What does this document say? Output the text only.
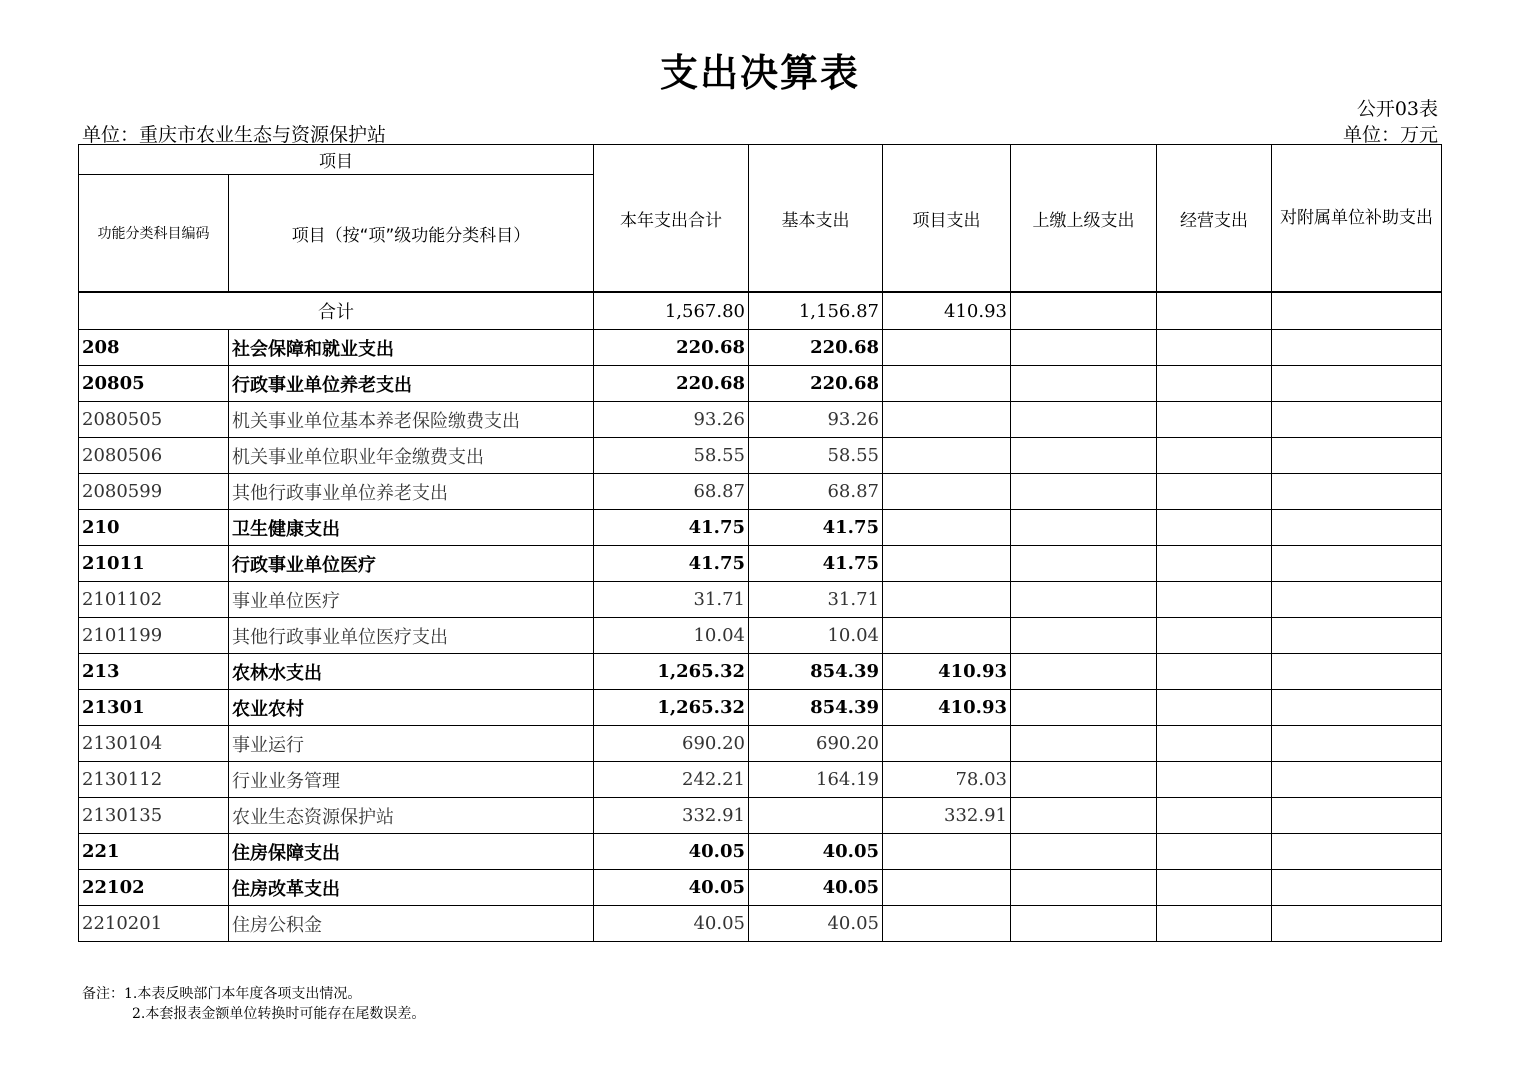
支出决算表
公开03表
单位：重庆市农业生态与资源保护站	单位：万元
项目		本年支出合计	基本支出	项目支出	上缴上级支出	经营支出	对附属单位补助支出
功能分类科目编码	项目（按“项”级功能分类科目）						
合计		1,567.80	1,156.87	410.93			
208	社会保障和就业支出	220.68	220.68				
20805	行政事业单位养老支出	220.68	220.68				
2080505	机关事业单位基本养老保险缴费支出	93.26	93.26				
2080506	机关事业单位职业年金缴费支出	58.55	58.55				
2080599	其他行政事业单位养老支出	68.87	68.87				
210	卫生健康支出	41.75	41.75				
21011	行政事业单位医疗	41.75	41.75				
2101102	事业单位医疗	31.71	31.71				
2101199	其他行政事业单位医疗支出	10.04	10.04				
213	农林水支出	1,265.32	854.39	410.93			
21301	农业农村	1,265.32	854.39	410.93			
2130104	事业运行	690.20	690.20				
2130112	行业业务管理	242.21	164.19	78.03			
2130135	农业生态资源保护站	332.91		332.91			
221	住房保障支出	40.05	40.05				
22102	住房改革支出	40.05	40.05				
2210201	住房公积金	40.05	40.05				
备注：1.本表反映部门本年度各项支出情况。
2.本套报表金额单位转换时可能存在尾数误差。
